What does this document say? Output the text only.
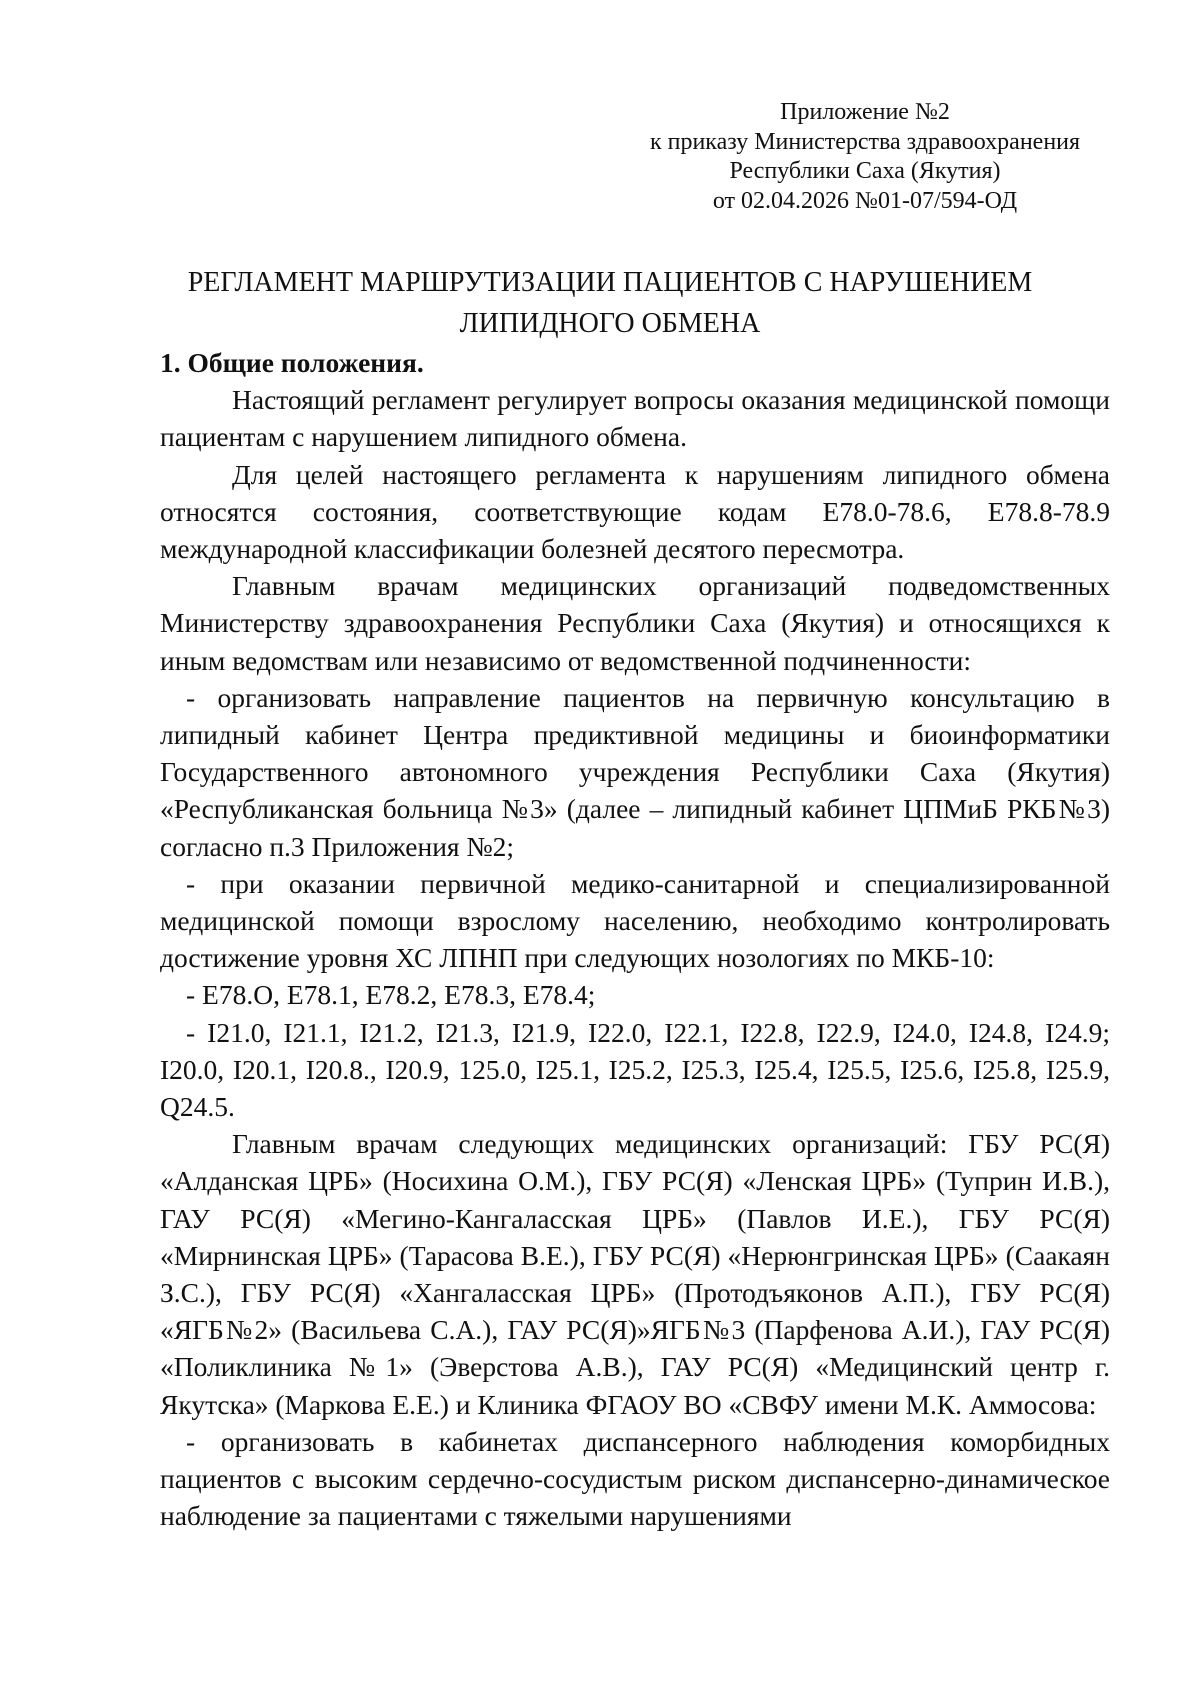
Приложение №2
к приказу Министерства здравоохранения
Республики Саха (Якутия)
от 02.04.2026 №01-07/594-ОД
РЕГЛАМЕНТ МАРШРУТИЗАЦИИ ПАЦИЕНТОВ С НАРУШЕНИЕМ
ЛИПИДНОГО ОБМЕНА

1. Общие положения.

Настоящий регламент регулирует вопросы оказания медицинской помощи пациентам с нарушением липидного обмена.

Для целей настоящего регламента к нарушениям липидного обмена относятся состояния, соответствующие кодам Е78.0-78.6, Е78.8-78.9 международной классификации болезней десятого пересмотра.

Главным врачам медицинских организаций подведомственных Министерству здравоохранения Республики Саха (Якутия) и относящихся к иным ведомствам или независимо от ведомственной подчиненности:

- организовать направление пациентов на первичную консультацию в липидный кабинет Центра предиктивной медицины и биоинформатики Государственного автономного учреждения Республики Саха (Якутия) «Республиканская больница №3» (далее – липидный кабинет ЦПМиБ РКБ№3) согласно п.3 Приложения №2;

- при оказании первичной медико-санитарной и специализированной медицинской помощи взрослому населению, необходимо контролировать достижение уровня ХС ЛПНП при следующих нозологиях по МКБ-10:

- Е78.О, Е78.1, Е78.2, Е78.3, Е78.4;

- I21.0, I21.1, I21.2, I21.3, I21.9, I22.0, I22.1, I22.8, I22.9, I24.0, I24.8, I24.9; I20.0, I20.1, I20.8., I20.9, 125.0, I25.1, I25.2, I25.3, I25.4, I25.5, I25.6, I25.8, I25.9, Q24.5.

Главным врачам следующих медицинских организаций: ГБУ РС(Я) «Алданская ЦРБ» (Носихина О.М.), ГБУ РС(Я) «Ленская ЦРБ» (Туприн И.В.), ГАУ РС(Я) «Мегино-Кангаласская ЦРБ» (Павлов И.Е.), ГБУ РС(Я) «Мирнинская ЦРБ» (Тарасова В.Е.), ГБУ РС(Я) «Нерюнгринская ЦРБ» (Саакаян З.С.), ГБУ РС(Я) «Хангаласская ЦРБ» (Протодъяконов А.П.), ГБУ РС(Я) «ЯГБ№2» (Васильева С.А.), ГАУ РС(Я)»ЯГБ№3 (Парфенова А.И.), ГАУ РС(Я) «Поликлиника №1» (Эверстова А.В.), ГАУ РС(Я) «Медицинский центр г. Якутска» (Маркова Е.Е.) и Клиника ФГАОУ ВО «СВФУ имени М.К. Аммосова:

- организовать в кабинетах диспансерного наблюдения коморбидных пациентов с высоким сердечно-сосудистым риском диспансерно-динамическое наблюдение за пациентами с тяжелыми нарушениями
